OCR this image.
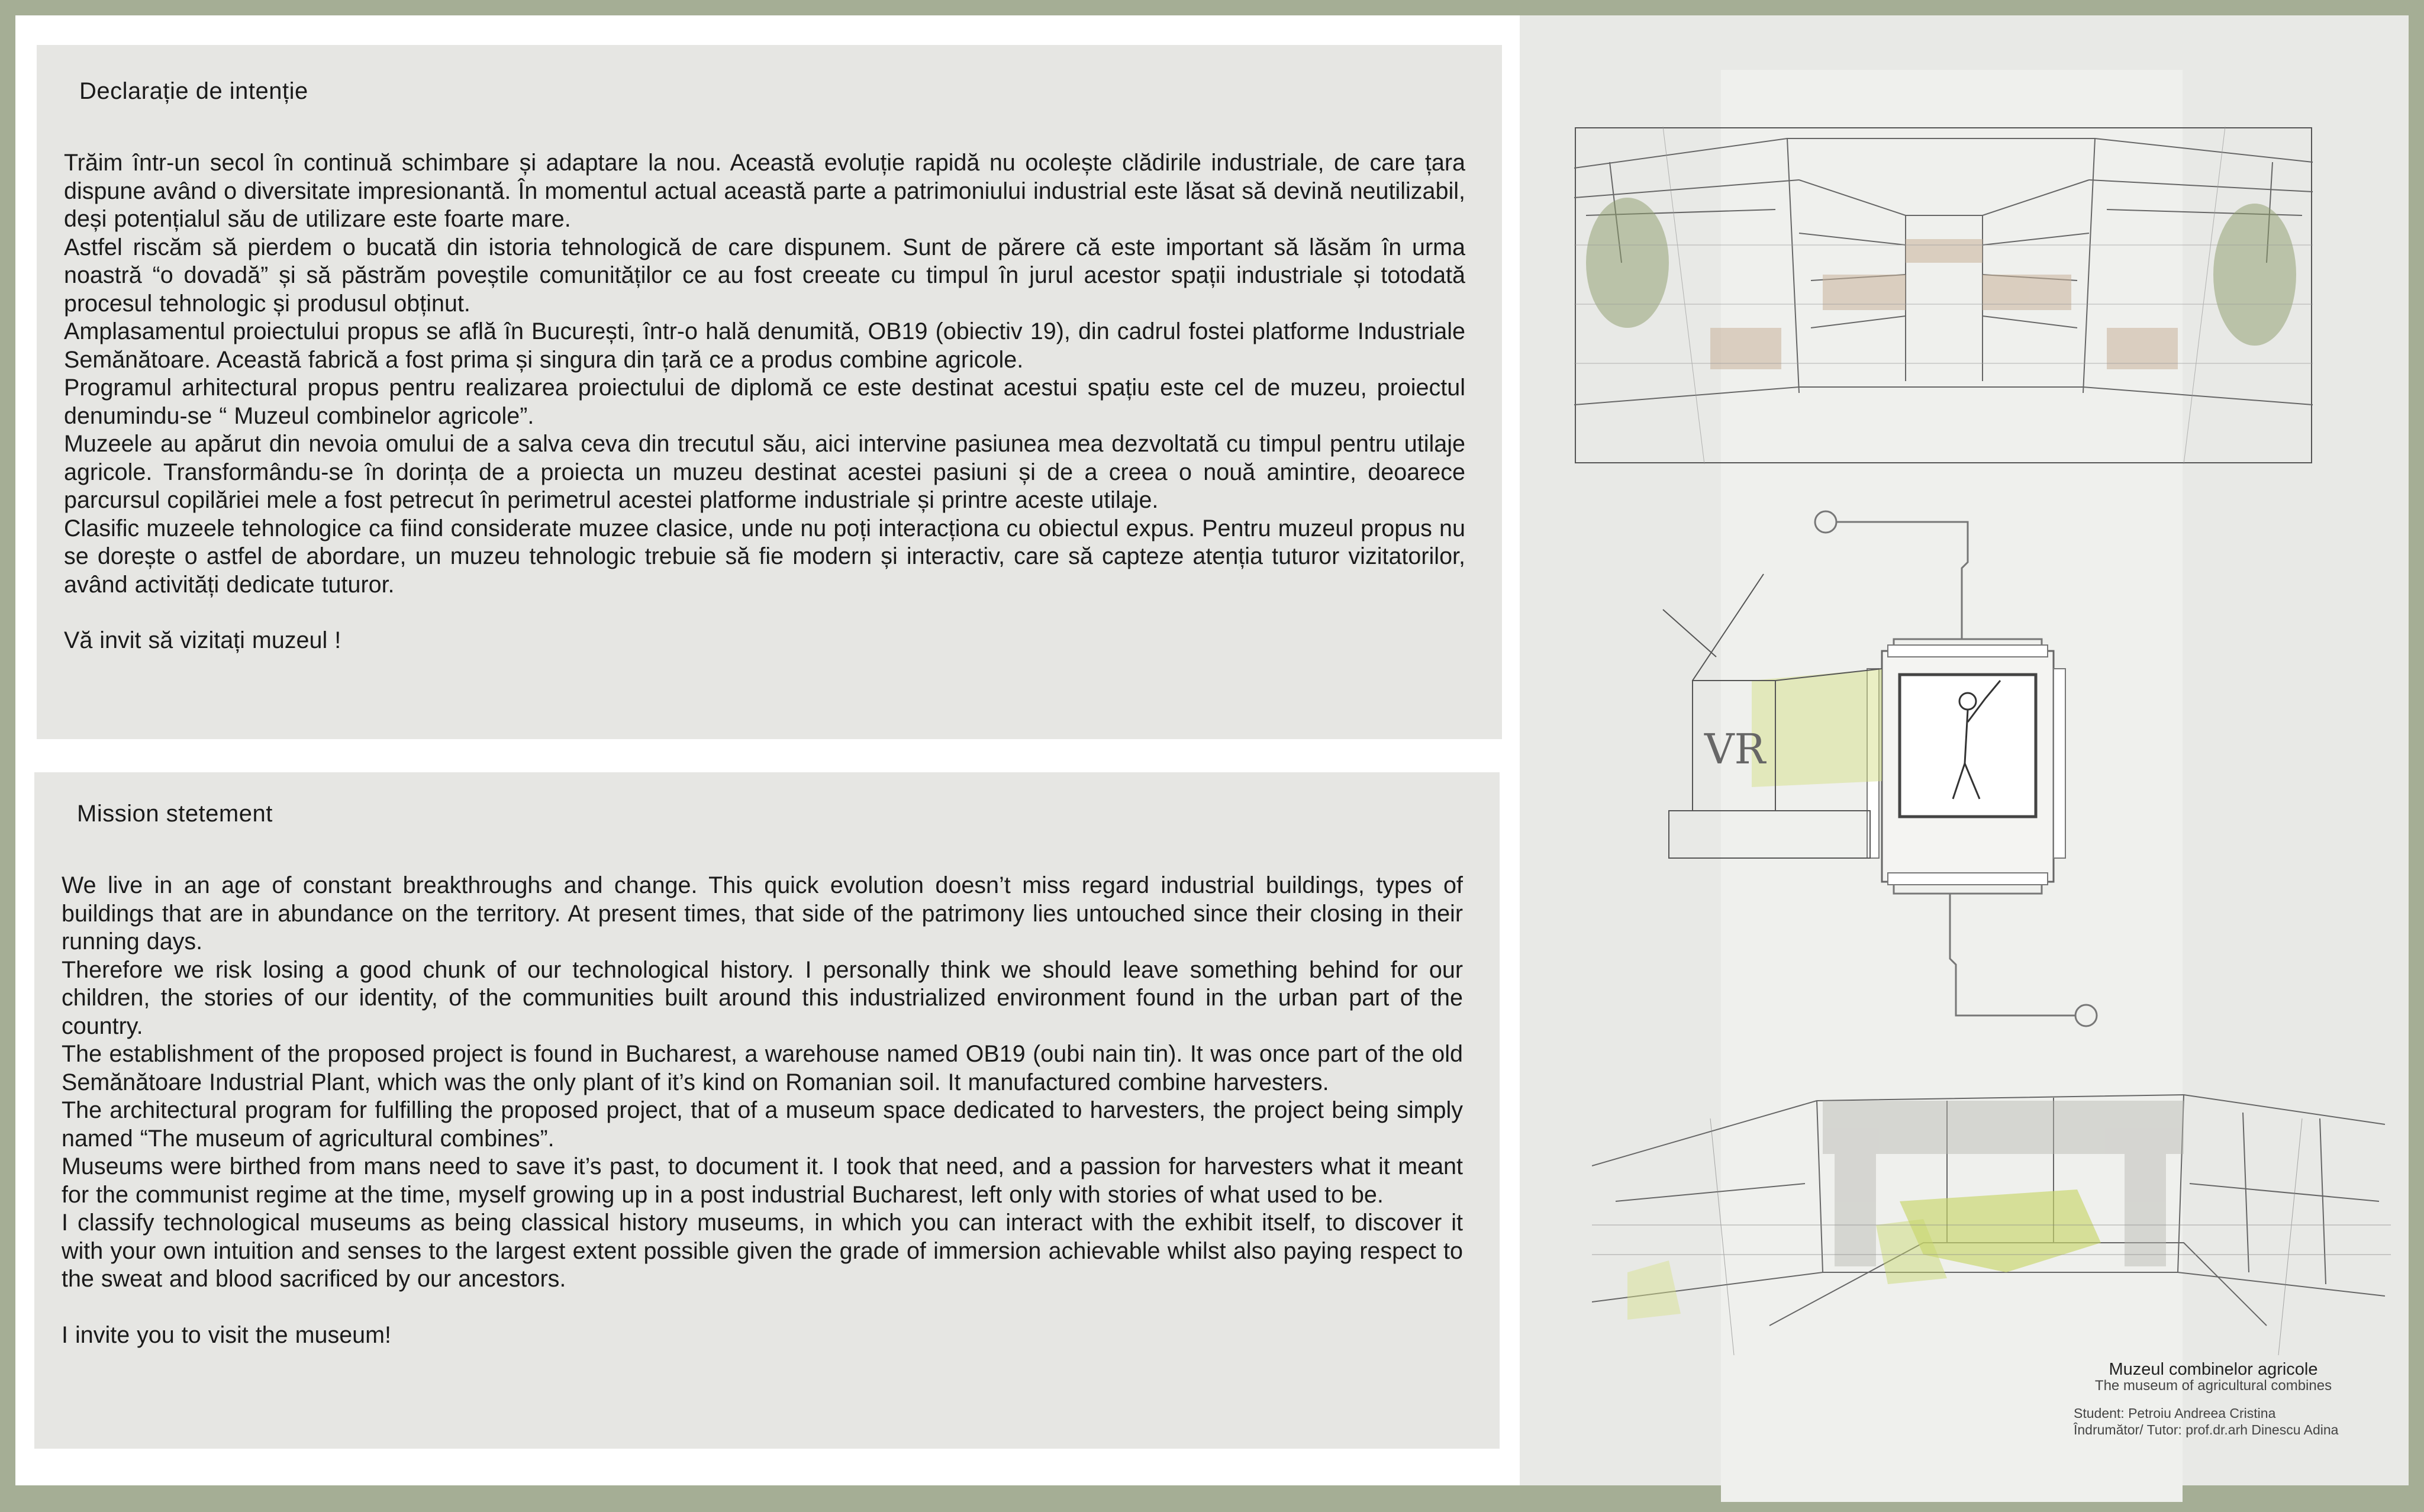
Declarație de intenție

Trăim într-un secol în continuă schimbare și adaptare la nou. Această evoluție rapidă nu ocolește clădirile industriale, de care țara dispune având o diversitate impresionantă. În momentul actual această parte a patrimoniului industrial este lăsat să devină neutilizabil, deși potențialul său de utilizare este foarte mare.

Astfel riscăm să pierdem o bucată din istoria tehnologică de care dispunem. Sunt de părere că este important să lăsăm în urma noastră “o dovadă” și să păstrăm poveștile comunităților ce au fost creeate cu timpul în jurul acestor spații industriale și totodată procesul tehnologic și produsul obținut.

Amplasamentul proiectului propus se află în București, într-o hală denumită, OB19 (obiectiv 19), din cadrul fostei platforme Industriale Semănătoare. Această fabrică a fost prima și singura din țară ce a produs combine agricole.

Programul arhitectural propus pentru realizarea proiectului de diplomă ce este destinat acestui spațiu este cel de muzeu, proiectul denumindu-se “ Muzeul combinelor agricole”.

Muzeele au apărut din nevoia omului de a salva ceva din trecutul său, aici intervine pasiunea mea dezvoltată cu timpul pentru utilaje agricole. Transformându-se în dorința de a proiecta un muzeu destinat acestei pasiuni și de a creea o nouă amintire, deoarece parcursul copilăriei mele a fost petrecut în perimetrul acestei platforme industriale și printre aceste utilaje.

Clasific muzeele tehnologice ca fiind considerate muzee clasice, unde nu poți interacționa cu obiectul expus. Pentru muzeul propus nu se dorește o astfel de abordare, un muzeu tehnologic trebuie să fie modern și interactiv, care să capteze atenția tuturor vizitatorilor, având activități dedicate tuturor.

Vă invit să vizitați muzeul !

Mission stetement

We live in an age of constant breakthroughs and change. This quick evolution doesn’t miss regard industrial buildings, types of buildings that are in abundance on the territory. At present times, that side of the patrimony lies untouched since their closing in their running days.

Therefore we risk losing a good chunk of our technological history. I personally think we should leave something behind for our children, the stories of our identity, of the communities built around this industrialized environment found in the urban part of the country.

The establishment of the proposed project is found in Bucharest, a warehouse named OB19 (oubi nain tin). It was once part of the old Semănătoare Industrial Plant, which was the only plant of it’s kind on Romanian soil. It manufactured combine harvesters.

The architectural program for fulfilling the proposed project, that of a museum space dedicated to harvesters, the project being simply named “The museum of agricultural combines”.

Museums were birthed from mans need to save it’s past, to document it. I took that need, and a passion for harvesters what it meant for the communist regime at the time, myself growing up in a post industrial Bucharest, left only with stories of what used to be.

I classify technological museums as being classical history museums, in which you can interact with the exhibit itself, to discover it with your own intuition and senses to the largest extent possible given the grade of immersion achievable whilst also paying respect to the sweat and blood sacrificed by our ancestors.

I invite you to visit the museum!

VR
Muzeul combinelor agricole
The museum of agricultural combines
Student: Petroiu Andreea Cristina
Îndrumător/ Tutor: prof.dr.arh Dinescu Adina
